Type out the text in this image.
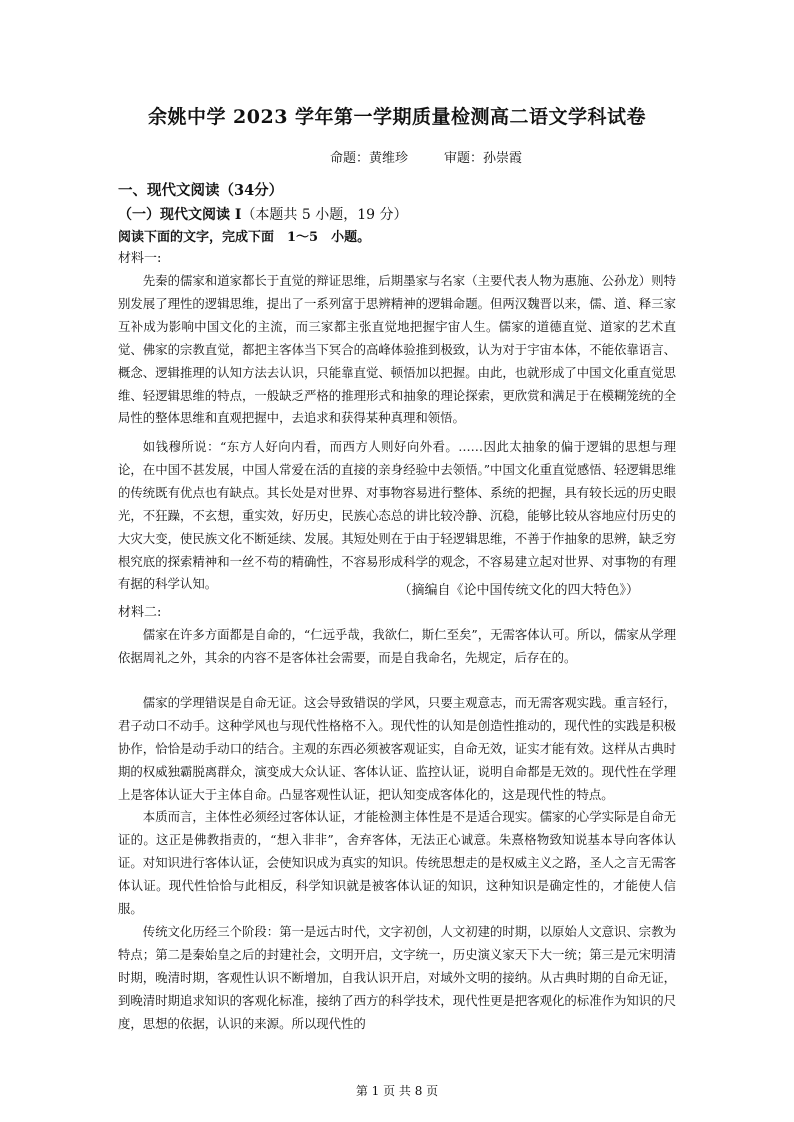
余姚中学 2023 学年第一学期质量检测高二语文学科试卷
命题：黄维珍	审题：孙崇霞
一、现代文阅读（34分）
（一）现代文阅读 I（本题共 5 小题，19 分）
阅读下面的文字，完成下面　1～5　小题。
材料一:

先秦的儒家和道家都长于直觉的辩证思维，后期墨家与名家（主要代表人物为惠施、公孙龙）则特别发展了理性的逻辑思维，提出了一系列富于思辨精神的逻辑命题。但两汉魏晋以来，儒、道、释三家互补成为影响中国文化的主流，而三家都主张直觉地把握宇宙人生。儒家的道德直觉、道家的艺术直觉、佛家的宗教直觉，都把主客体当下冥合的高峰体验推到极致，认为对于宇宙本体，不能依靠语言、概念、逻辑推理的认知方法去认识，只能靠直觉、顿悟加以把握。由此，也就形成了中国文化重直觉思维、轻逻辑思维的特点，一般缺乏严格的推理形式和抽象的理论探索，更欣赏和满足于在模糊笼统的全局性的整体思维和直观把握中，去追求和获得某种真理和领悟。

如钱穆所说：“东方人好向内看，而西方人则好向外看。……因此太抽象的偏于逻辑的思想与理论，在中国不甚发展，中国人常爱在活的直接的亲身经验中去领悟。”中国文化重直觉感悟、轻逻辑思维的传统既有优点也有缺点。其长处是对世界、对事物容易进行整体、系统的把握，具有较长远的历史眼光，不狂躁，不玄想，重实效，好历史，民族心态总的讲比较冷静、沉稳，能够比较从容地应付历史的大灾大变，使民族文化不断延续、发展。其短处则在于由于轻逻辑思维，不善于作抽象的思辨，缺乏穷根究底的探索精神和一丝不苟的精确性，不容易形成科学的观念，不容易建立起对世界、对事物的有理有据的科学认知。	（摘编自《论中国传统文化的四大特色》）
材料二:

儒家在许多方面都是自命的，“仁远乎哉，我欲仁，斯仁至矣”，无需客体认可。所以，儒家从学理依据周礼之外，其余的内容不是客体社会需要，而是自我命名，先规定，后存在的。

儒家的学理错误是自命无证。这会导致错误的学风，只要主观意志，而无需客观实践。重言轻行，君子动口不动手。这种学风也与现代性格格不入。现代性的认知是创造性推动的，现代性的实践是积极协作，恰恰是动手动口的结合。主观的东西必须被客观证实，自命无效，证实才能有效。这样从古典时期的权威独霸脱离群众，演变成大众认证、客体认证、监控认证，说明自命都是无效的。现代性在学理上是客体认证大于主体自命。凸显客观性认证，把认知变成客体化的，这是现代性的特点。

本质而言，主体性必须经过客体认证，才能检测主体性是不是适合现实。儒家的心学实际是自命无证的。这正是佛教指责的，“想入非非”，舍弃客体，无法正心诚意。朱熹格物致知说基本导向客体认证。对知识进行客体认证，会使知识成为真实的知识。传统思想走的是权威主义之路，圣人之言无需客体认证。现代性恰恰与此相反，科学知识就是被客体认证的知识，这种知识是确定性的，才能使人信服。

传统文化历经三个阶段：第一是远古时代，文字初创，人文初建的时期，以原始人文意识、宗教为特点；第二是秦始皇之后的封建社会，文明开启，文字统一，历史演义家天下大一统；第三是元宋明清时期，晚清时期，客观性认识不断增加，自我认识开启，对域外文明的接纳。从古典时期的自命无证，到晚清时期追求知识的客观化标准，接纳了西方的科学技术，现代性更是把客观化的标准作为知识的尺度，思想的依据，认识的来源。所以现代性的

第 1 页 共 8 页
